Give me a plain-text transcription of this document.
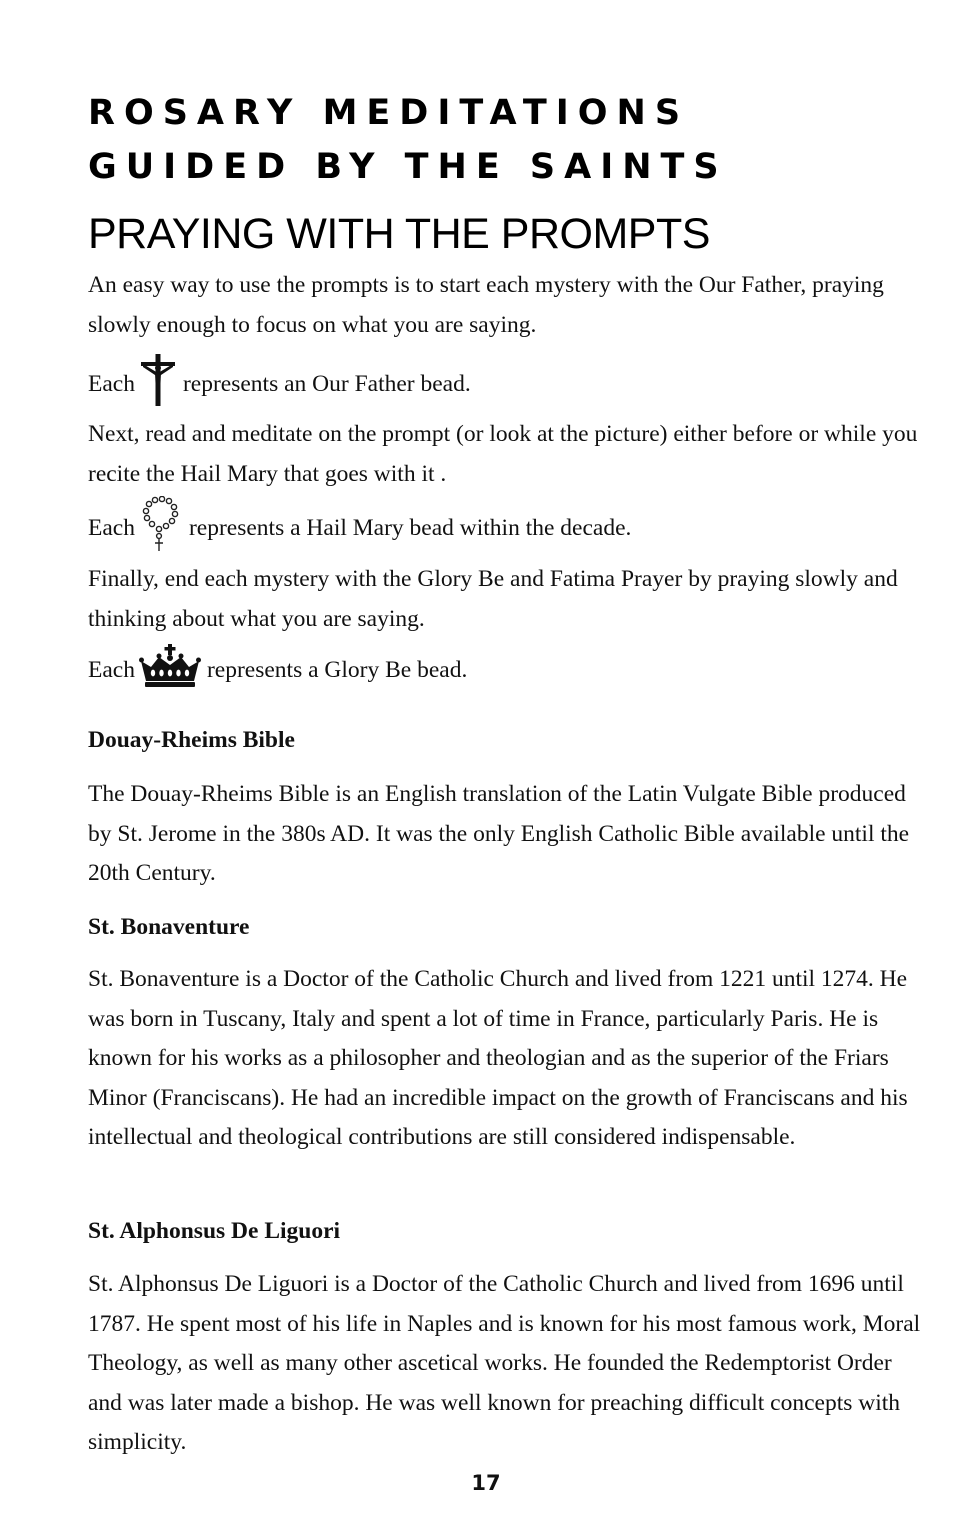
ROSARY MEDITATIONS
GUIDED BY THE SAINTS
PRAYING WITH THE PROMPTS

An easy way to use the prompts is to start each mystery with the Our Father, praying slowly enough to focus on what you are saying.

Each represents an Our Father bead.

Next, read and meditate on the prompt (or look at the picture) either before or while you recite the Hail Mary that goes with it .

Each represents a Hail Mary bead within the decade.

Finally, end each mystery with the Glory Be and Fatima Prayer by praying slowly and thinking about what you are saying.

Each	represents a Glory Be bead.
Douay-Rheims Bible

The Douay-Rheims Bible is an English translation of the Latin Vulgate Bible produced by St. Jerome in the 380s AD. It was the only English Catholic Bible available until the 20th Century.

St. Bonaventure

St. Bonaventure is a Doctor of the Catholic Church and lived from 1221 until 1274. He was born in Tuscany, Italy and spent a lot of time in France, particularly Paris. He is known for his works as a philosopher and theologian and as the superior of the Friars Minor (Franciscans). He had an incredible impact on the growth of Franciscans and his intellectual and theological contributions are still considered indispensable.

St. Alphonsus De Liguori

St. Alphonsus De Liguori is a Doctor of the Catholic Church and lived from 1696 until 1787. He spent most of his life in Naples and is known for his most famous work, Moral Theology, as well as many other ascetical works. He founded the Redemptorist Order and was later made a bishop. He was well known for preaching difficult concepts with simplicity.

17
